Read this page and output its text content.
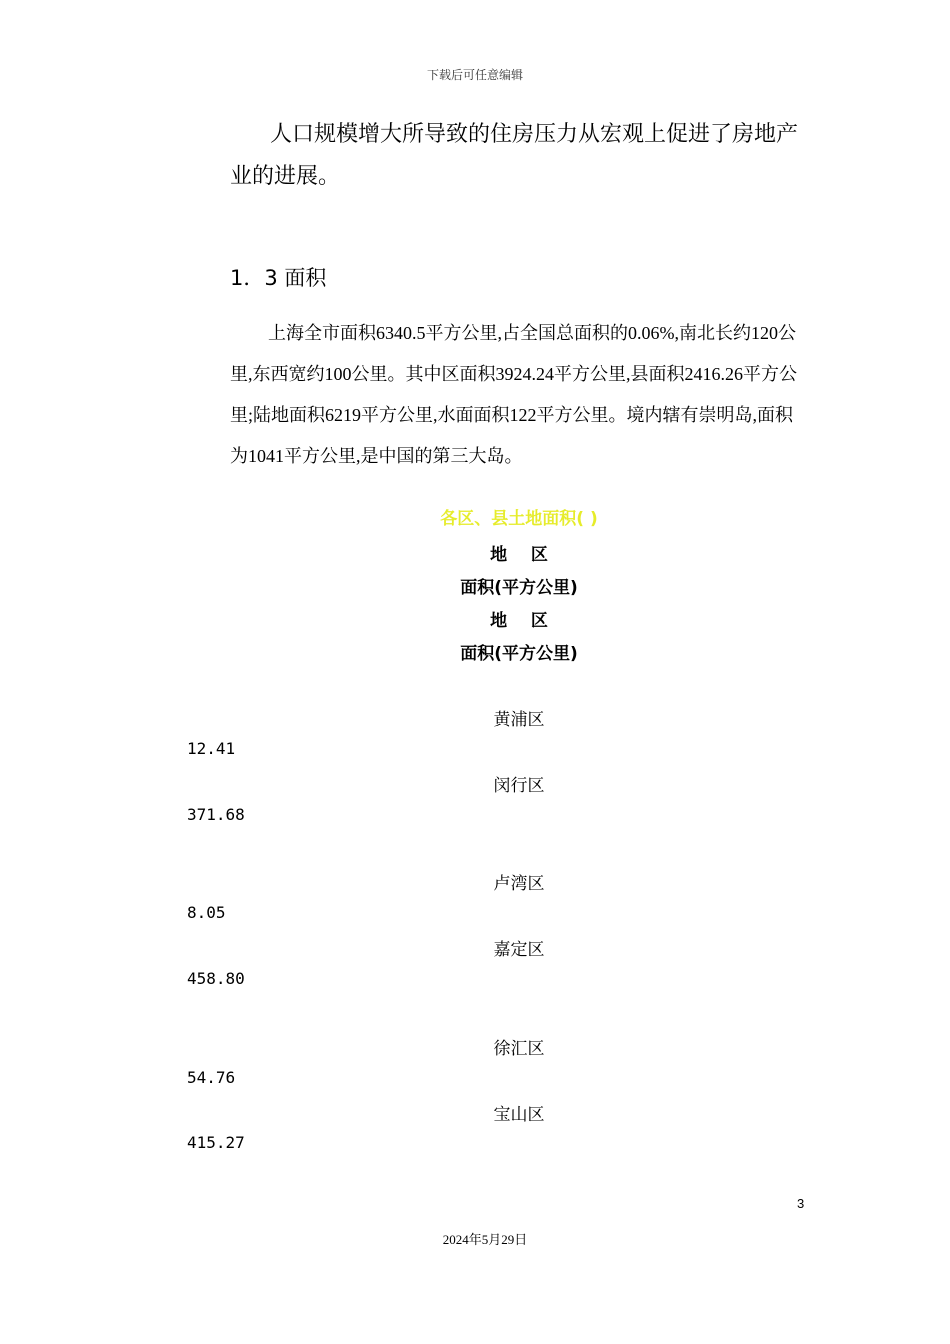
下载后可任意编辑
人口规模增大所导致的住房压力从宏观上促进了房地产业的进展。
1．3 面积
上海全市面积6340.5平方公里,占全国总面积的0.06%,南北长约120公里,东西宽约100公里。其中区面积3924.24平方公里,县面积2416.26平方公里;陆地面积6219平方公里,水面面积122平方公里。境内辖有崇明岛,面积为1041平方公里,是中国的第三大岛。
各区、县土地面积( )
地    区
面积(平方公里)
地    区
面积(平方公里)
黄浦区
12.41
闵行区
371.68
卢湾区
8.05
嘉定区
458.80
徐汇区
54.76
宝山区
415.27
3
2024年5月29日
